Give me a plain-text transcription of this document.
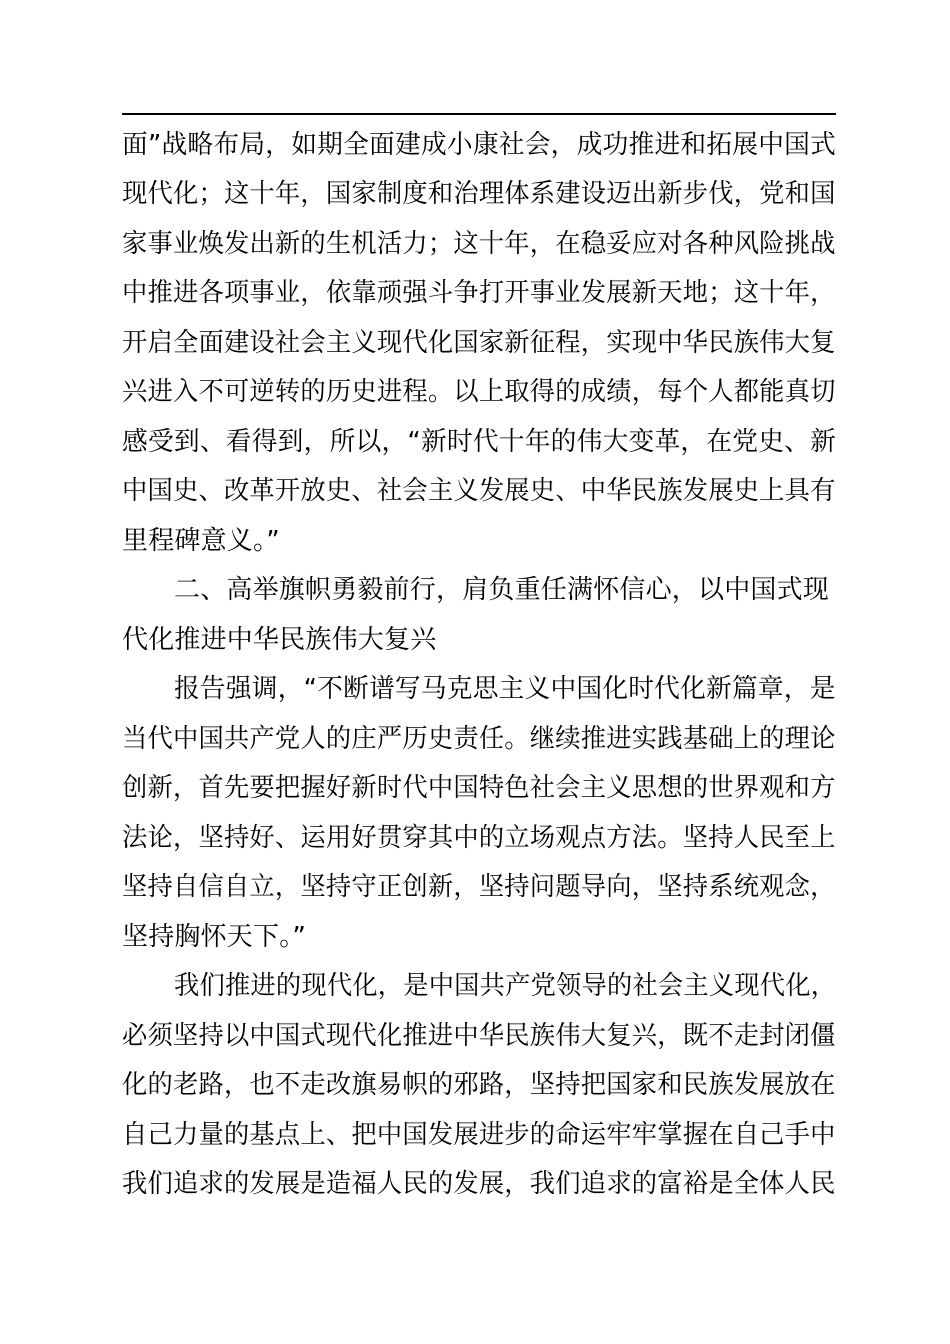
面”战略布局，如期全面建成小康社会，成功推进和拓展中国式
现代化；这十年，国家制度和治理体系建设迈出新步伐，党和国
家事业焕发出新的生机活力；这十年，在稳妥应对各种风险挑战
中推进各项事业，依靠顽强斗争打开事业发展新天地；这十年，
开启全面建设社会主义现代化国家新征程，实现中华民族伟大复
兴进入不可逆转的历史进程。以上取得的成绩，每个人都能真切
感受到、看得到，所以，“新时代十年的伟大变革，在党史、新
中国史、改革开放史、社会主义发展史、中华民族发展史上具有
里程碑意义。”
二、高举旗帜勇毅前行，肩负重任满怀信心，以中国式现
代化推进中华民族伟大复兴
报告强调，“不断谱写马克思主义中国化时代化新篇章，是
当代中国共产党人的庄严历史责任。继续推进实践基础上的理论
创新，首先要把握好新时代中国特色社会主义思想的世界观和方
法论，坚持好、运用好贯穿其中的立场观点方法。坚持人民至上
坚持自信自立，坚持守正创新，坚持问题导向，坚持系统观念，
坚持胸怀天下。”
我们推进的现代化，是中国共产党领导的社会主义现代化，
必须坚持以中国式现代化推进中华民族伟大复兴，既不走封闭僵
化的老路，也不走改旗易帜的邪路，坚持把国家和民族发展放在
自己力量的基点上、把中国发展进步的命运牢牢掌握在自己手中
我们追求的发展是造福人民的发展，我们追求的富裕是全体人民
